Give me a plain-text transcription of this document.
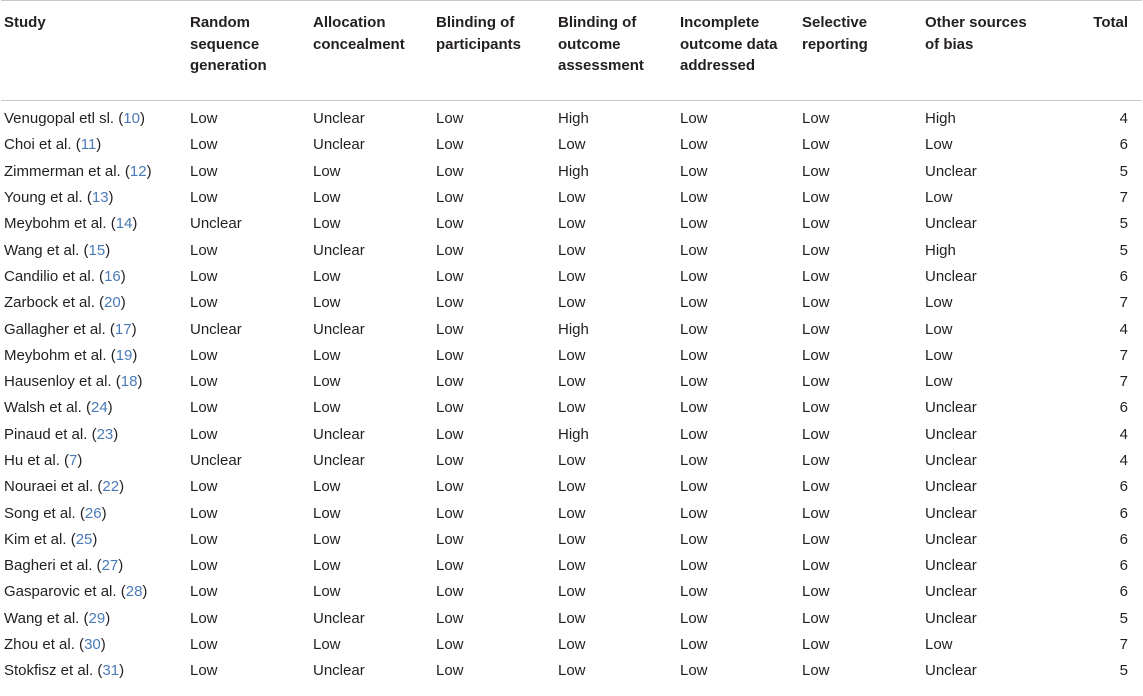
Study	Random sequence generation	Allocation concealment	Blinding of participants	Blinding of outcome assessment	Incomplete outcome data addressed	Selective reporting	Other sources of bias	Total
Venugopal etl sl. (10)	Low	Unclear	Low	High	Low	Low	High	4
Choi et al. (11)	Low	Unclear	Low	Low	Low	Low	Low	6
Zimmerman et al. (12)	Low	Low	Low	High	Low	Low	Unclear	5
Young et al. (13)	Low	Low	Low	Low	Low	Low	Low	7
Meybohm et al. (14)	Unclear	Low	Low	Low	Low	Low	Unclear	5
Wang et al. (15)	Low	Unclear	Low	Low	Low	Low	High	5
Candilio et al. (16)	Low	Low	Low	Low	Low	Low	Unclear	6
Zarbock et al. (20)	Low	Low	Low	Low	Low	Low	Low	7
Gallagher et al. (17)	Unclear	Unclear	Low	High	Low	Low	Low	4
Meybohm et al. (19)	Low	Low	Low	Low	Low	Low	Low	7
Hausenloy et al. (18)	Low	Low	Low	Low	Low	Low	Low	7
Walsh et al. (24)	Low	Low	Low	Low	Low	Low	Unclear	6
Pinaud et al. (23)	Low	Unclear	Low	High	Low	Low	Unclear	4
Hu et al. (7)	Unclear	Unclear	Low	Low	Low	Low	Unclear	4
Nouraei et al. (22)	Low	Low	Low	Low	Low	Low	Unclear	6
Song et al. (26)	Low	Low	Low	Low	Low	Low	Unclear	6
Kim et al. (25)	Low	Low	Low	Low	Low	Low	Unclear	6
Bagheri et al. (27)	Low	Low	Low	Low	Low	Low	Unclear	6
Gasparovic et al. (28)	Low	Low	Low	Low	Low	Low	Unclear	6
Wang et al. (29)	Low	Unclear	Low	Low	Low	Low	Unclear	5
Zhou et al. (30)	Low	Low	Low	Low	Low	Low	Low	7
Stokfisz et al. (31)	Low	Unclear	Low	Low	Low	Low	Unclear	5
